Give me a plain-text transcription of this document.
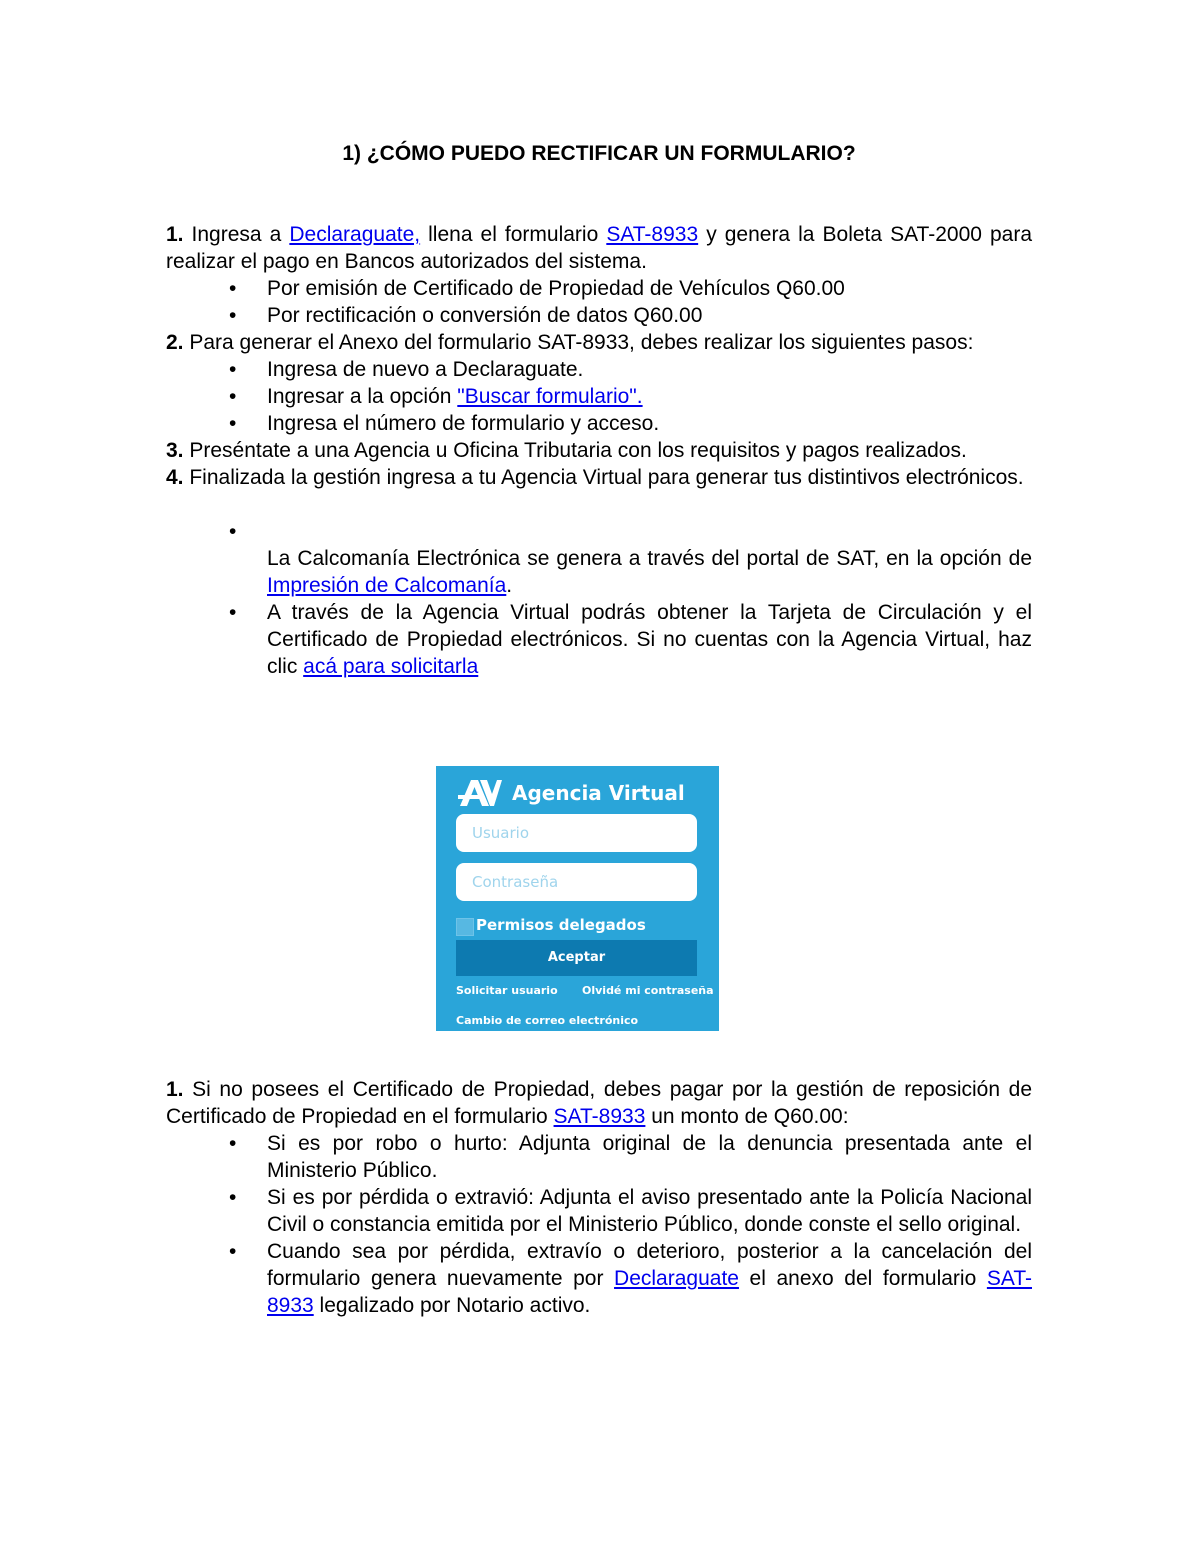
1) ¿CÓMO PUEDO RECTIFICAR UN FORMULARIO?

1. Ingresa a Declaraguate, llena el formulario SAT-8933 y genera la Boleta SAT-2000 para realizar el pago en Bancos autorizados del sistema.

• Por emisión de Certificado de Propiedad de Vehículos Q60.00
• Por rectificación o conversión de datos Q60.00

2. Para generar el Anexo del formulario SAT-8933, debes realizar los siguientes pasos:

• Ingresa de nuevo a Declaraguate.
• Ingresar a la opción "Buscar formulario".
• Ingresa el número de formulario y acceso.

3. Preséntate a una Agencia u Oficina Tributaria con los requisitos y pagos realizados.

4. Finalizada la gestión ingresa a tu Agencia Virtual para generar tus distintivos electrónicos.

•

La Calcomanía Electrónica se genera a través del portal de SAT, en la opción de Impresión de Calcomanía.
• A través de la Agencia Virtual podrás obtener la Tarjeta de Circulación y el Certificado de Propiedad electrónicos. Si no cuentas con la Agencia Virtual, haz clic acá para solicitarla
Agencia Virtual
Usuario
Contraseña
Permisos delegados
Aceptar
Solicitar usuario Olvidé mi contraseña
Cambio de correo electrónico

1. Si no posees el Certificado de Propiedad, debes pagar por la gestión de reposición de Certificado de Propiedad en el formulario SAT-8933 un monto de Q60.00:

• Si es por robo o hurto: Adjunta original de la denuncia presentada ante el Ministerio Público.
• Si es por pérdida o extravió: Adjunta el aviso presentado ante la Policía Nacional Civil o constancia emitida por el Ministerio Público, donde conste el sello original.
• Cuando sea por pérdida, extravío o deterioro, posterior a la cancelación del formulario genera nuevamente por Declaraguate el anexo del formulario SAT-8933 legalizado por Notario activo.
